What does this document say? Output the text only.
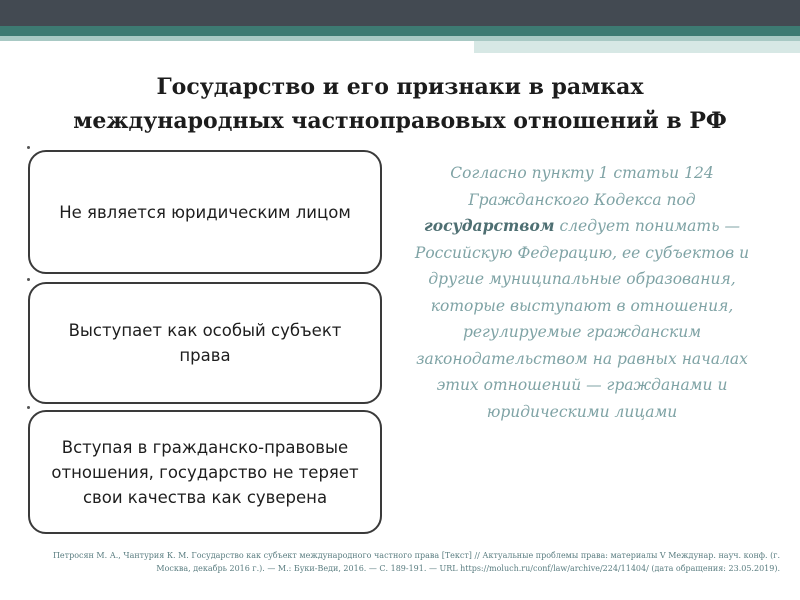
Государство и его признаки в рамках
международных частноправовых отношений в РФ
Не является юридическим лицом
Выступает как особый субъект права
Вступая в гражданско-правовые отношения, государство не теряет свои качества как суверена
Согласно пункту 1 статьи 124 Гражданского Кодекса под государством следует понимать — Российскую Федерацию, ее субъектов и другие муниципальные образования, которые выступают в отношения, регулируемые гражданским законодательством на равных началах этих отношений — гражданами и юридическими лицами
Петросян М. А., Чантурия К. М. Государство как субъект международного частного права [Текст] // Актуальные проблемы права: материалы V Междунар. науч. конф. (г. Москва, декабрь 2016 г.). — М.: Буки-Веди, 2016. — С. 189-191. — URL https://moluch.ru/conf/law/archive/224/11404/ (дата обращения: 23.05.2019).
